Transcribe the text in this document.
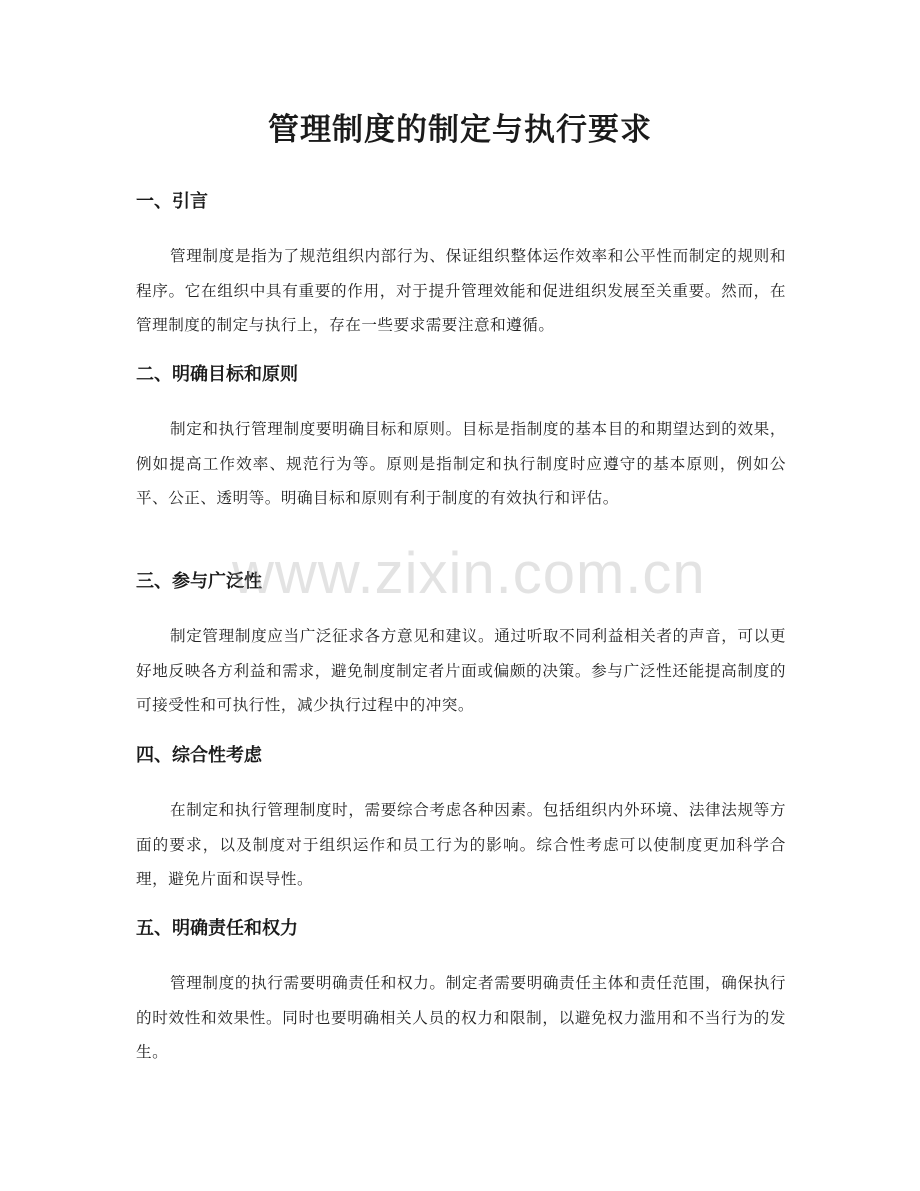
管理制度的制定与执行要求
一、引言

管理制度是指为了规范组织内部行为、保证组织整体运作效率和公平性而制定的规则和程序。它在组织中具有重要的作用，对于提升管理效能和促进组织发展至关重要。然而，在管理制度的制定与执行上，存在一些要求需要注意和遵循。

二、明确目标和原则

制定和执行管理制度要明确目标和原则。目标是指制度的基本目的和期望达到的效果，例如提高工作效率、规范行为等。原则是指制定和执行制度时应遵守的基本原则，例如公平、公正、透明等。明确目标和原则有利于制度的有效执行和评估。

三、参与广泛性

制定管理制度应当广泛征求各方意见和建议。通过听取不同利益相关者的声音，可以更好地反映各方利益和需求，避免制度制定者片面或偏颇的决策。参与广泛性还能提高制度的可接受性和可执行性，减少执行过程中的冲突。

四、综合性考虑

在制定和执行管理制度时，需要综合考虑各种因素。包括组织内外环境、法律法规等方面的要求，以及制度对于组织运作和员工行为的影响。综合性考虑可以使制度更加科学合理，避免片面和误导性。

五、明确责任和权力

管理制度的执行需要明确责任和权力。制定者需要明确责任主体和责任范围，确保执行的时效性和效果性。同时也要明确相关人员的权力和限制，以避免权力滥用和不当行为的发生。

www.zixin.com.cn
